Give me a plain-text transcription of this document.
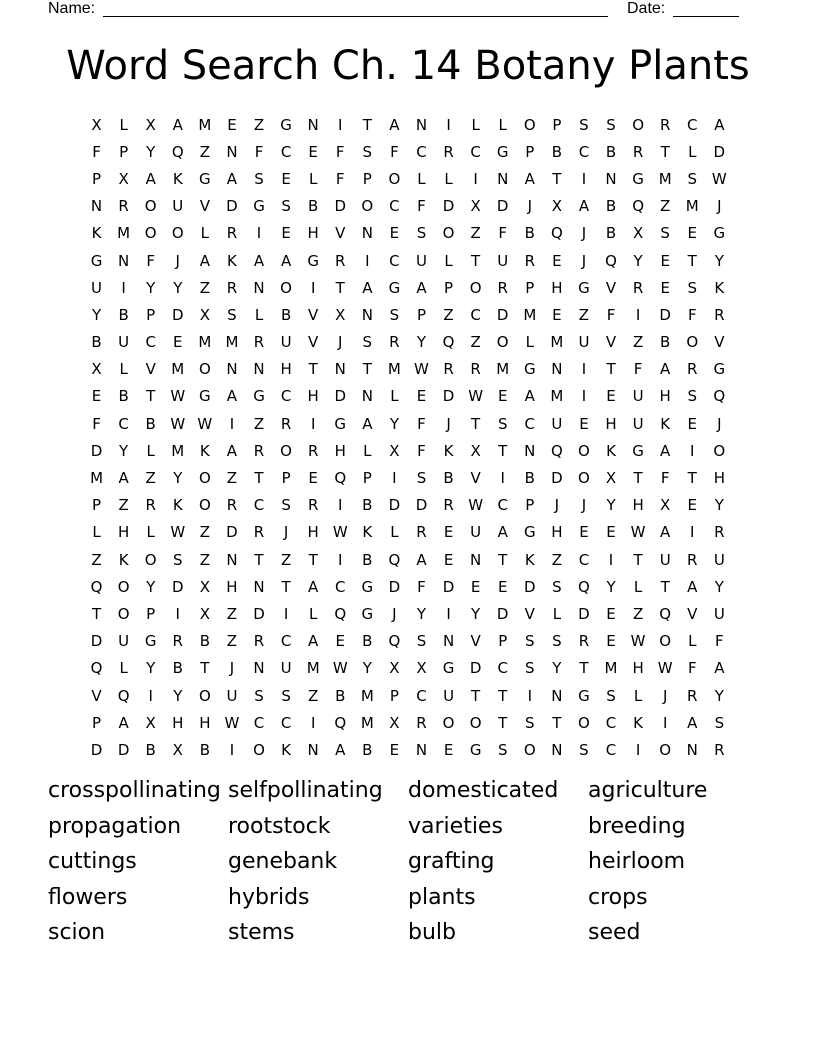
Name:	Date:
Word Search Ch. 14 Botany Plants
X	L	X	A	M	E	Z	G	N	I	T	A	N	I	L	L	O	P	S	S	O	R	C	A
F	P	Y	Q	Z	N	F	C	E	F	S	F	C	R	C	G	P	B	C	B	R	T	L	D
P	X	A	K	G	A	S	E	L	F	P	O	L	L	I	N	A	T	I	N	G M	S W
N	R	O	U	V	D	G	S	B	D	O	C	F	D	X	D	J	X	A	B	Q	Z	M	J
K	M O	O	L	R	I	E	H	V	N	E	S	O	Z	F	B	Q	J	B	X	S	E	G
G	N	F	J	A	K	A	A	G	R	I	C	U	L	T	U	R	E	J	Q	Y	E	T	Y
U	I	Y	Y	Z	R	N	O	I	T	A	G	A	P	O	R	P	H	G	V	R	E	S	K
Y	B	P	D	X	S	L	B	V	X	N	S	P	Z	C	D M	E	Z	F	I	D	F	R
B	U	C	E	M M	R	U	V	J	S	R	Y	Q	Z	O	L	M	U	V	Z	B	O	V
X	L	V	M O	N	N	H	T	N	T	M W R	R	M G	N	I	T	F	A	R	G
E	B	T	W G	A	G	C	H	D	N	L	E	D W E	A	M	I	E	U	H	S	Q
F	C	B W W	I	Z	R	I	G	A	Y	F	J	T	S	C	U	E	H	U	K	E	J
D	Y	L	M	K	A	R	O	R	H	L	X	F	K	X	T	N	Q	O	K	G	A	I	O
M	A	Z	Y	O	Z	T	P	E	Q	P	I	S	B	V	I	B	D	O	X	T	F	T	H
P	Z	R	K	O	R	C	S	R	I	B	D	D	R W C	P	J	J	Y	H	X	E	Y
L	H	L	W Z	D	R	J	H W K	L	R	E	U	A	G	H	E	E W A	I	R
Z	K	O	S	Z	N	T	Z	T	I	B	Q	A	E	N	T	K	Z	C	I	T	U	R	U
Q	O	Y	D	X	H	N	T	A	C	G	D	F	D	E	E	D	S	Q	Y	L	T	A	Y
T	O	P	I	X	Z	D	I	L	Q	G	J	Y	I	Y	D	V	L	D	E	Z	Q	V	U
D	U	G	R	B	Z	R	C	A	E	B	Q	S	N	V	P	S	S	R	E W O	L	F
Q	L	Y	B	T	J	N	U	M W	Y	X	X	G	D	C	S	Y	T	M H W	F	A
V	Q	I	Y	O	U	S	S	Z	B	M	P	C	U	T	T	I	N	G	S	L	J	R	Y
P	A	X	H	H W C	C	I	Q M	X	R	O	O	T	S	T	O	C	K	I	A	S
D	D	B	X	B	I	O	K	N	A	B	E	N	E	G	S	O	N	S	C	I	O	N	R
crosspollinating selfpollinating	domesticated	agriculture
propagation	rootstock	varieties	breeding
cuttings	genebank	grafting	heirloom
flowers	hybrids	plants	crops
scion	stems	bulb	seed
